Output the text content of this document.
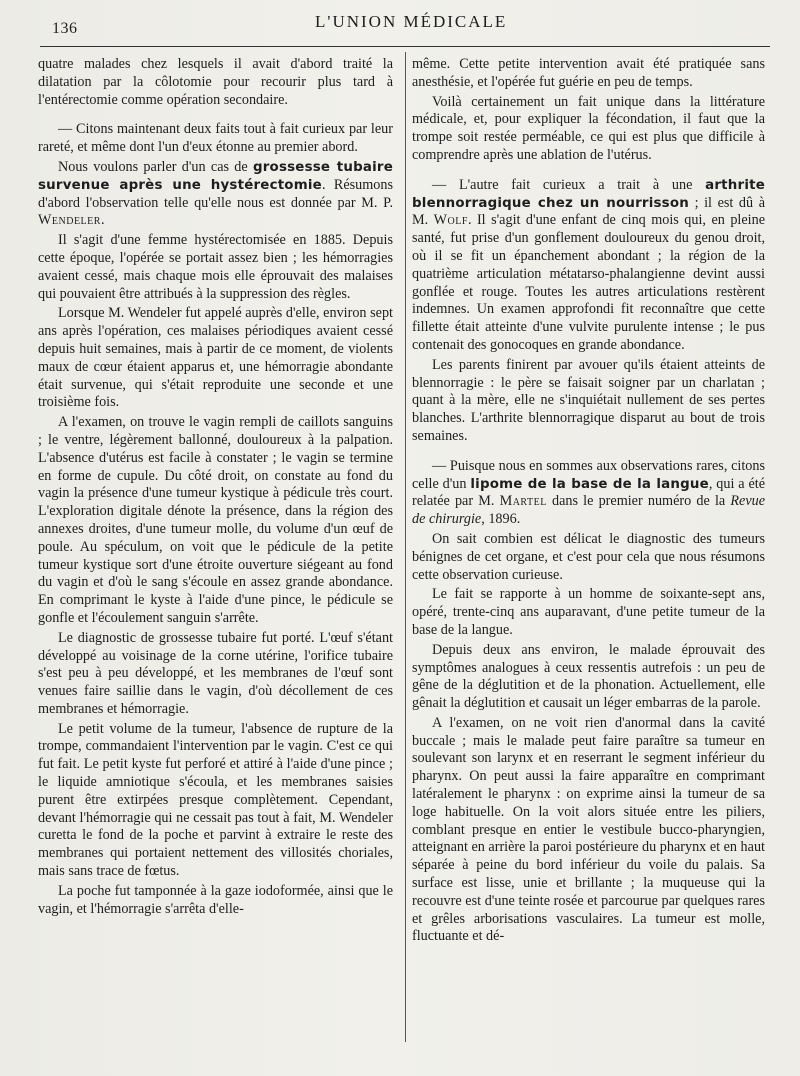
136	L'UNION MÉDICALE

quatre malades chez lesquels il avait d'abord traité la dilatation par la côlotomie pour recourir plus tard à l'entérectomie comme opération secondaire.

— Citons maintenant deux faits tout à fait curieux par leur rareté, et même dont l'un d'eux étonne au premier abord.

Nous voulons parler d'un cas de grossesse tubaire survenue après une hystérectomie. Résumons d'abord l'observation telle qu'elle nous est donnée par M. P. Wendeler.

Il s'agit d'une femme hystérectomisée en 1885. Depuis cette époque, l'opérée se portait assez bien ; les hémorragies avaient cessé, mais chaque mois elle éprouvait des malaises qui pouvaient être attribués à la suppression des règles.

Lorsque M. Wendeler fut appelé auprès d'elle, environ sept ans après l'opération, ces malaises périodiques avaient cessé depuis huit semaines, mais à partir de ce moment, de violents maux de cœur étaient apparus et, une hémorragie abondante était survenue, qui s'était reproduite une seconde et une troisième fois.

A l'examen, on trouve le vagin rempli de caillots sanguins ; le ventre, légèrement ballonné, douloureux à la palpation. L'absence d'utérus est facile à constater ; le vagin se termine en forme de cupule. Du côté droit, on constate au fond du vagin la présence d'une tumeur kystique à pédicule très court. L'exploration digitale dénote la présence, dans la région des annexes droites, d'une tumeur molle, du volume d'un œuf de poule. Au spéculum, on voit que le pédicule de la petite tumeur kystique sort d'une étroite ouverture siégeant au fond du vagin et d'où le sang s'écoule en assez grande abondance. En comprimant le kyste à l'aide d'une pince, le pédicule se gonfle et l'écoulement sanguin s'arrête.

Le diagnostic de grossesse tubaire fut porté. L'œuf s'étant développé au voisinage de la corne utérine, l'orifice tubaire s'est peu à peu développé, et les membranes de l'œuf sont venues faire saillie dans le vagin, d'où décollement de ces membranes et hémorragie.

Le petit volume de la tumeur, l'absence de rupture de la trompe, commandaient l'intervention par le vagin. C'est ce qui fut fait. Le petit kyste fut perforé et attiré à l'aide d'une pince ; le liquide amniotique s'écoula, et les membranes saisies purent être extirpées presque complètement. Cependant, devant l'hémorragie qui ne cessait pas tout à fait, M. Wendeler curetta le fond de la poche et parvint à extraire le reste des membranes qui portaient nettement des villosités choriales, mais sans trace de fœtus.

La poche fut tamponnée à la gaze iodoformée, ainsi que le vagin, et l'hémorragie s'arrêta d'elle-

même. Cette petite intervention avait été pratiquée sans anesthésie, et l'opérée fut guérie en peu de temps.

Voilà certainement un fait unique dans la littérature médicale, et, pour expliquer la fécondation, il faut que la trompe soit restée perméable, ce qui est plus que difficile à comprendre après une ablation de l'utérus.

— L'autre fait curieux a trait à une arthrite blennorragique chez un nourrisson ; il est dû à M. Wolf. Il s'agit d'une enfant de cinq mois qui, en pleine santé, fut prise d'un gonflement douloureux du genou droit, où il se fit un épanchement abondant ; la région de la quatrième articulation métatarso-phalangienne devint aussi gonflée et rouge. Toutes les autres articulations restèrent indemnes. Un examen approfondi fit reconnaître que cette fillette était atteinte d'une vulvite purulente intense ; le pus contenait des gonocoques en grande abondance.

Les parents finirent par avouer qu'ils étaient atteints de blennorragie : le père se faisait soigner par un charlatan ; quant à la mère, elle ne s'inquiétait nullement de ses pertes blanches. L'arthrite blennorragique disparut au bout de trois semaines.

— Puisque nous en sommes aux observations rares, citons celle d'un lipome de la base de la langue, qui a été relatée par M. Martel dans le premier numéro de la Revue de chirurgie, 1896.

On sait combien est délicat le diagnostic des tumeurs bénignes de cet organe, et c'est pour cela que nous résumons cette observation curieuse.

Le fait se rapporte à un homme de soixante-sept ans, opéré, trente-cinq ans auparavant, d'une petite tumeur de la base de la langue.

Depuis deux ans environ, le malade éprouvait des symptômes analogues à ceux ressentis autrefois : un peu de gêne de la déglutition et de la phonation. Actuellement, elle gênait la déglutition et causait un léger embarras de la parole.

A l'examen, on ne voit rien d'anormal dans la cavité buccale ; mais le malade peut faire paraître sa tumeur en soulevant son larynx et en reserrant le segment inférieur du pharynx. On peut aussi la faire apparaître en comprimant latéralement le pharynx : on exprime ainsi la tumeur de sa loge habituelle. On la voit alors située entre les piliers, comblant presque en entier le vestibule bucco-pharyngien, atteignant en arrière la paroi postérieure du pharynx et en haut séparée à peine du bord inférieur du voile du palais. Sa surface est lisse, unie et brillante ; la muqueuse qui la recouvre est d'une teinte rosée et parcourue par quelques rares et grêles arborisations vasculaires. La tumeur est molle, fluctuante et dé-
